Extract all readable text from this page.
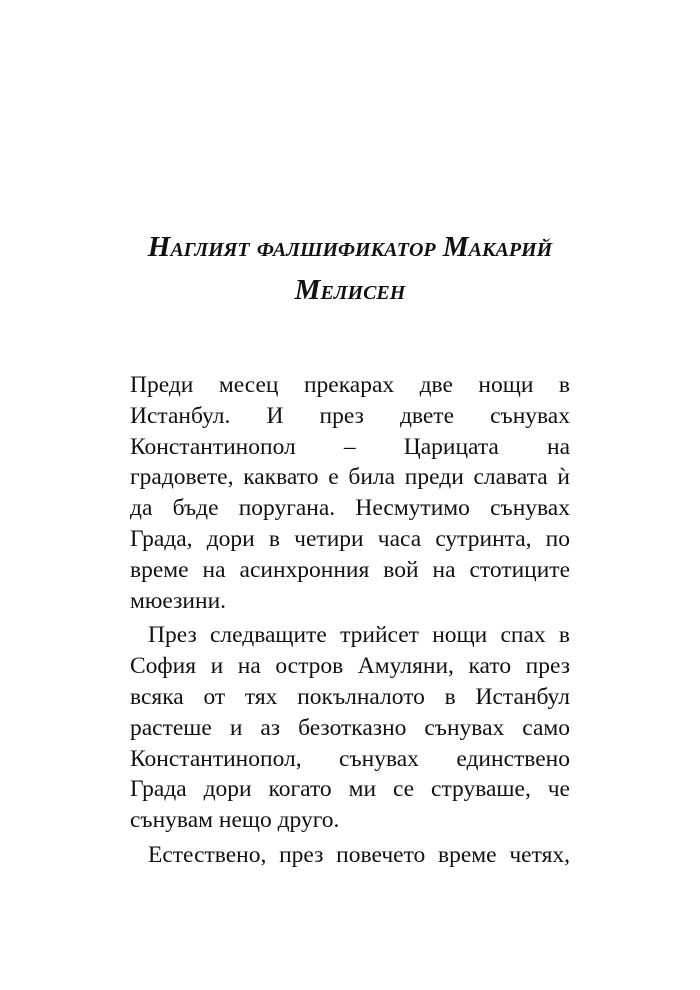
Наглият фалшификатор Макарий
Мелисен

Преди месец прекарах две нощи в
Истанбул. И през двете сънувах
Константинопол – Царицата на
градовете, каквато е била преди славата ѝ
да бъде поругана. Несмутимо сънувах
Града, дори в четири часа сутринта, по
време на асинхронния вой на стотиците
мюезини.

През следващите трийсет нощи спах в
София и на остров Амуляни, като през
всяка от тях покълналото в Истанбул
растеше и аз безотказно сънувах само
Константинопол, сънувах единствено
Града дори когато ми се струваше, че
сънувам нещо друго.

Естествено, през повечето време четях,
